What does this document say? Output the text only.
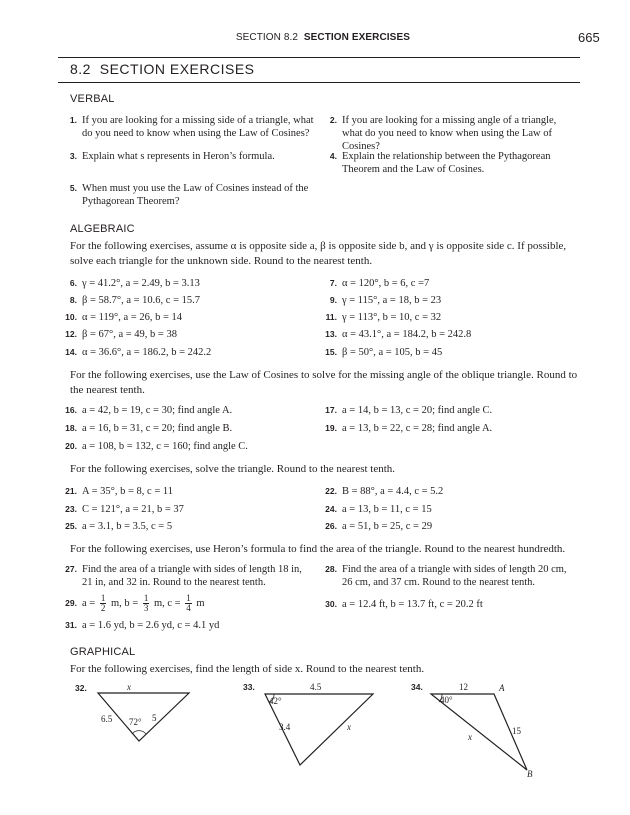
SECTION 8.2 SECTION EXERCISES	665
8.2  SECTION EXERCISES
VERBAL
1. If you are looking for a missing side of a triangle, what do you need to know when using the Law of Cosines?
2. If you are looking for a missing angle of a triangle, what do you need to know when using the Law of Cosines?
3. Explain what s represents in Heron’s formula.	4. Explain the relationship between the Pythagorean Theorem and the Law of Cosines.
5. When must you use the Law of Cosines instead of the Pythagorean Theorem?
ALGEBRAIC
For the following exercises, assume α is opposite side a, β is opposite side b, and γ is opposite side c. If possible, solve each triangle for the unknown side. Round to the nearest tenth.
6. γ = 41.2°, a = 2.49, b = 3.13	7. α = 120°, b = 6, c =7
8. β = 58.7°, a = 10.6, c = 15.7	9. γ = 115°, a = 18, b = 23
10. α = 119°, a = 26, b = 14	11. γ = 113°, b = 10, c = 32
12. β = 67°, a = 49, b = 38	13. α = 43.1°, a = 184.2, b = 242.8
14. α = 36.6°, a = 186.2, b = 242.2	15. β = 50°, a = 105, b = 45
For the following exercises, use the Law of Cosines to solve for the missing angle of the oblique triangle. Round to the nearest tenth.
16. a = 42, b = 19, c = 30; find angle A.	17. a = 14, b = 13, c = 20; find angle C.
18. a = 16, b = 31, c = 20; find angle B.	19. a = 13, b = 22, c = 28; find angle A.
20. a = 108, b = 132, c = 160; find angle C.
For the following exercises, solve the triangle. Round to the nearest tenth.
21. A = 35°, b = 8, c = 11	22. B = 88°, a = 4.4, c = 5.2
23. C = 121°, a = 21, b = 37	24. a = 13, b = 11, c = 15
25. a = 3.1, b = 3.5, c = 5	26. a = 51, b = 25, c = 29
For the following exercises, use Heron’s formula to find the area of the triangle. Round to the nearest hundredth.
27. Find the area of a triangle with sides of length 18 in, 21 in, and 32 in. Round to the nearest tenth.
28. Find the area of a triangle with sides of length 20 cm, 26 cm, and 37 cm. Round to the nearest tenth.
29. $a = \frac{1}{2} m$, $b = \frac{1}{3} m$, $c = \frac{1}{4}$ m	30. a = 12.4 ft, b = 13.7 ft, c = 20.2 ft
31. a = 1.6 yd, b = 2.6 yd, c = 4.1 yd
GRAPHICAL
For the following exercises, find the length of side x. Round to the nearest tenth.
32.	x
6.5	5
72°
33.	4.5
42°
3.4	x
34.	12	A
40°
x
15
B
